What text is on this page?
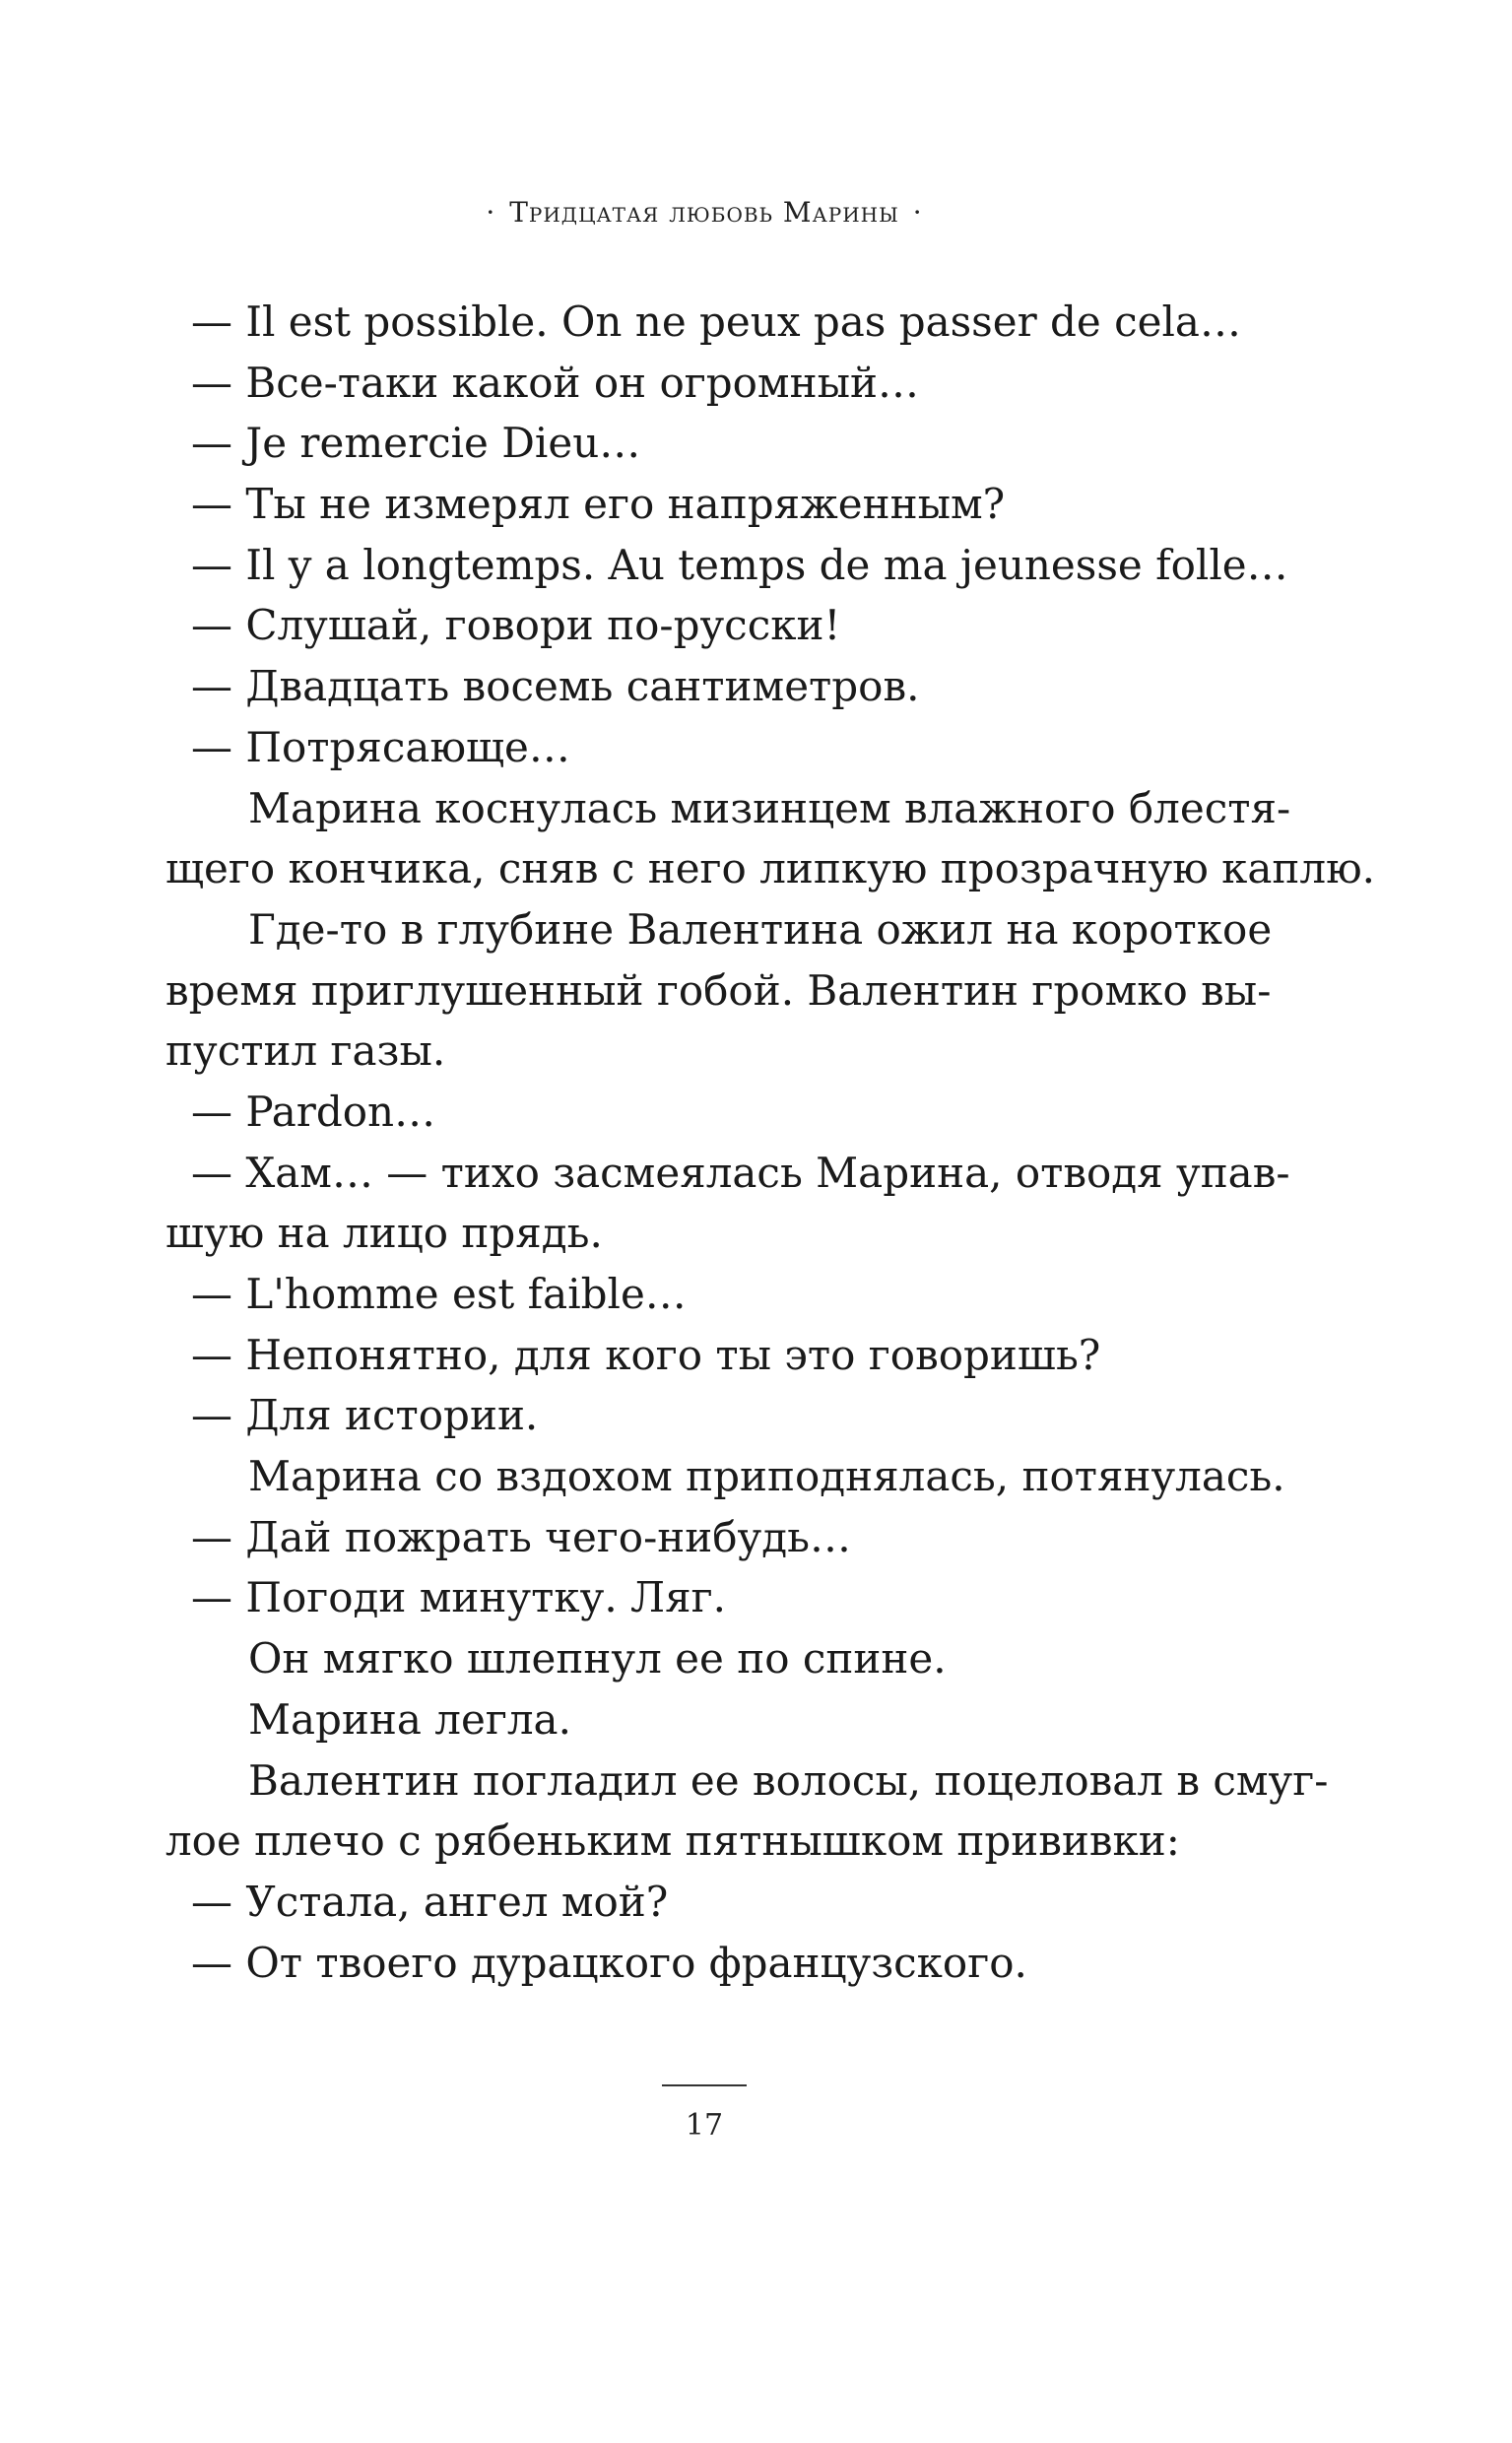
· Тридцатая любовь Марины ·
— Il est possible. On ne peux pas passer de cela…
— Все-таки какой он огромный…
— Je remercie Dieu…
— Ты не измерял его напряженным?
— Il y a longtemps. Au temps de ma jeunesse folle…
— Слушай, говори по-русски!
— Двадцать восемь сантиметров.
— Потрясающе…
Марина коснулась мизинцем влажного блестя-
щего кончика, сняв с него липкую прозрачную каплю.
Где-то в глубине Валентина ожил на короткое
время приглушенный гобой. Валентин громко вы-
пустил газы.
— Pardon…
— Хам… — тихо засмеялась Марина, отводя упав-
шую на лицо прядь.
— L'homme est faible…
— Непонятно, для кого ты это говоришь?
— Для истории.
Марина со вздохом приподнялась, потянулась.
— Дай пожрать чего-нибудь…
— Погоди минутку. Ляг.
Он мягко шлепнул ее по спине.
Марина легла.
Валентин погладил ее волосы, поцеловал в смуг-
лое плечо с рябеньким пятнышком прививки:
— Устала, ангел мой?
— От твоего дурацкого французского.
17
